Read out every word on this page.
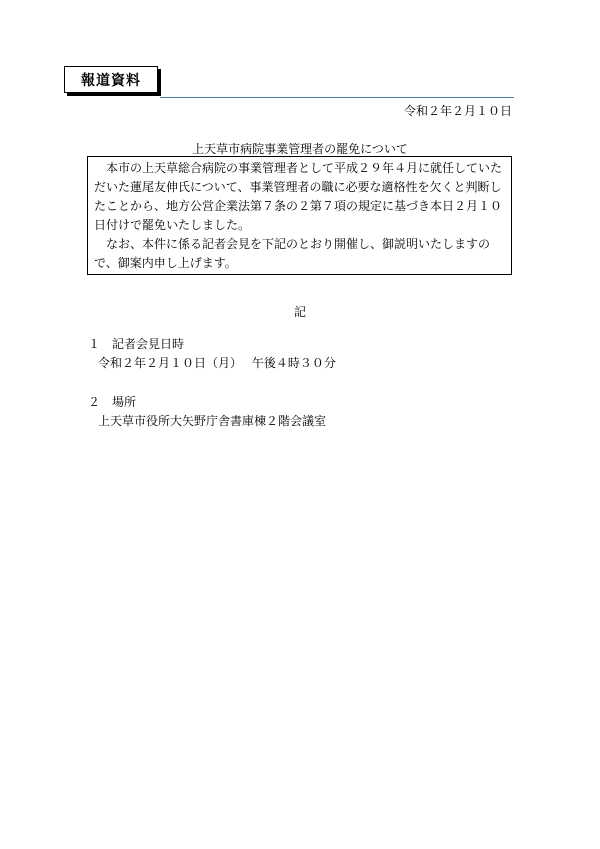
報道資料
令和２年２月１０日
上天草市病院事業管理者の罷免について

本市の上天草総合病院の事業管理者として平成２９年４月に就任していただいた蓮尾友伸氏について、事業管理者の職に必要な適格性を欠くと判断したことから、地方公営企業法第７条の２第７項の規定に基づき本日２月１０日付けで罷免いたしました。

なお、本件に係る記者会見を下記のとおり開催し、御説明いたしますので、御案内申し上げます。

記
１ 記者会見日時
令和２年２月１０日（月）　 午後４時３０分
２ 場所
上天草市役所大矢野庁舎書庫棟２階会議室
